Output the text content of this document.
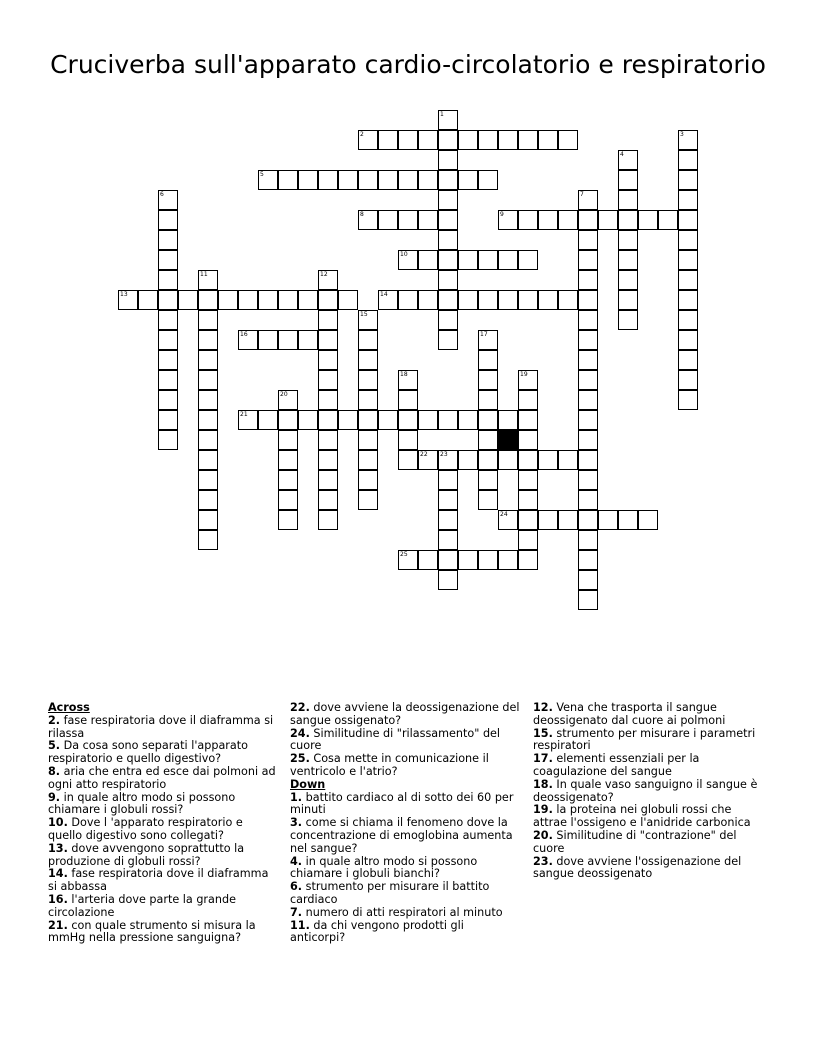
Cruciverba sull'apparato cardio-circolatorio e respiratorio
1
2	3
4
5
6	7
8	9
10
11	12
13	14
15
16	17
18	19
20
21
22 23
24
25
Across
2. fase respiratoria dove il diaframma si rilassa
5. Da cosa sono separati l'apparato respiratorio e quello digestivo?
8. aria che entra ed esce dai polmoni ad ogni atto respiratorio
9. in quale altro modo si possono chiamare i globuli rossi?
10. Dove l 'apparato respiratorio e quello digestivo sono collegati?
13. dove avvengono soprattutto la produzione di globuli rossi?
14. fase respiratoria dove il diaframma si abbassa
16. l'arteria dove parte la grande circolazione
21. con quale strumento si misura la mmHg nella pressione sanguigna?
22. dove avviene la deossigenazione del sangue ossigenato?
24. Similitudine di "rilassamento" del cuore
25. Cosa mette in comunicazione il ventricolo e l'atrio?
Down
1. battito cardiaco al di sotto dei 60 per minuti
3. come si chiama il fenomeno dove la concentrazione di emoglobina aumenta nel sangue?
4. in quale altro modo si possono chiamare i globuli bianchi?
6. strumento per misurare il battito cardiaco
7. numero di atti respiratori al minuto
11. da chi vengono prodotti gli anticorpi?
12. Vena che trasporta il sangue deossigenato dal cuore ai polmoni
15. strumento per misurare i parametri respiratori
17. elementi essenziali per la coagulazione del sangue
18. In quale vaso sanguigno il sangue è deossigenato?
19. la proteina nei globuli rossi che attrae l'ossigeno e l'anidride carbonica
20. Similitudine di "contrazione" del cuore
23. dove avviene l'ossigenazione del sangue deossigenato
